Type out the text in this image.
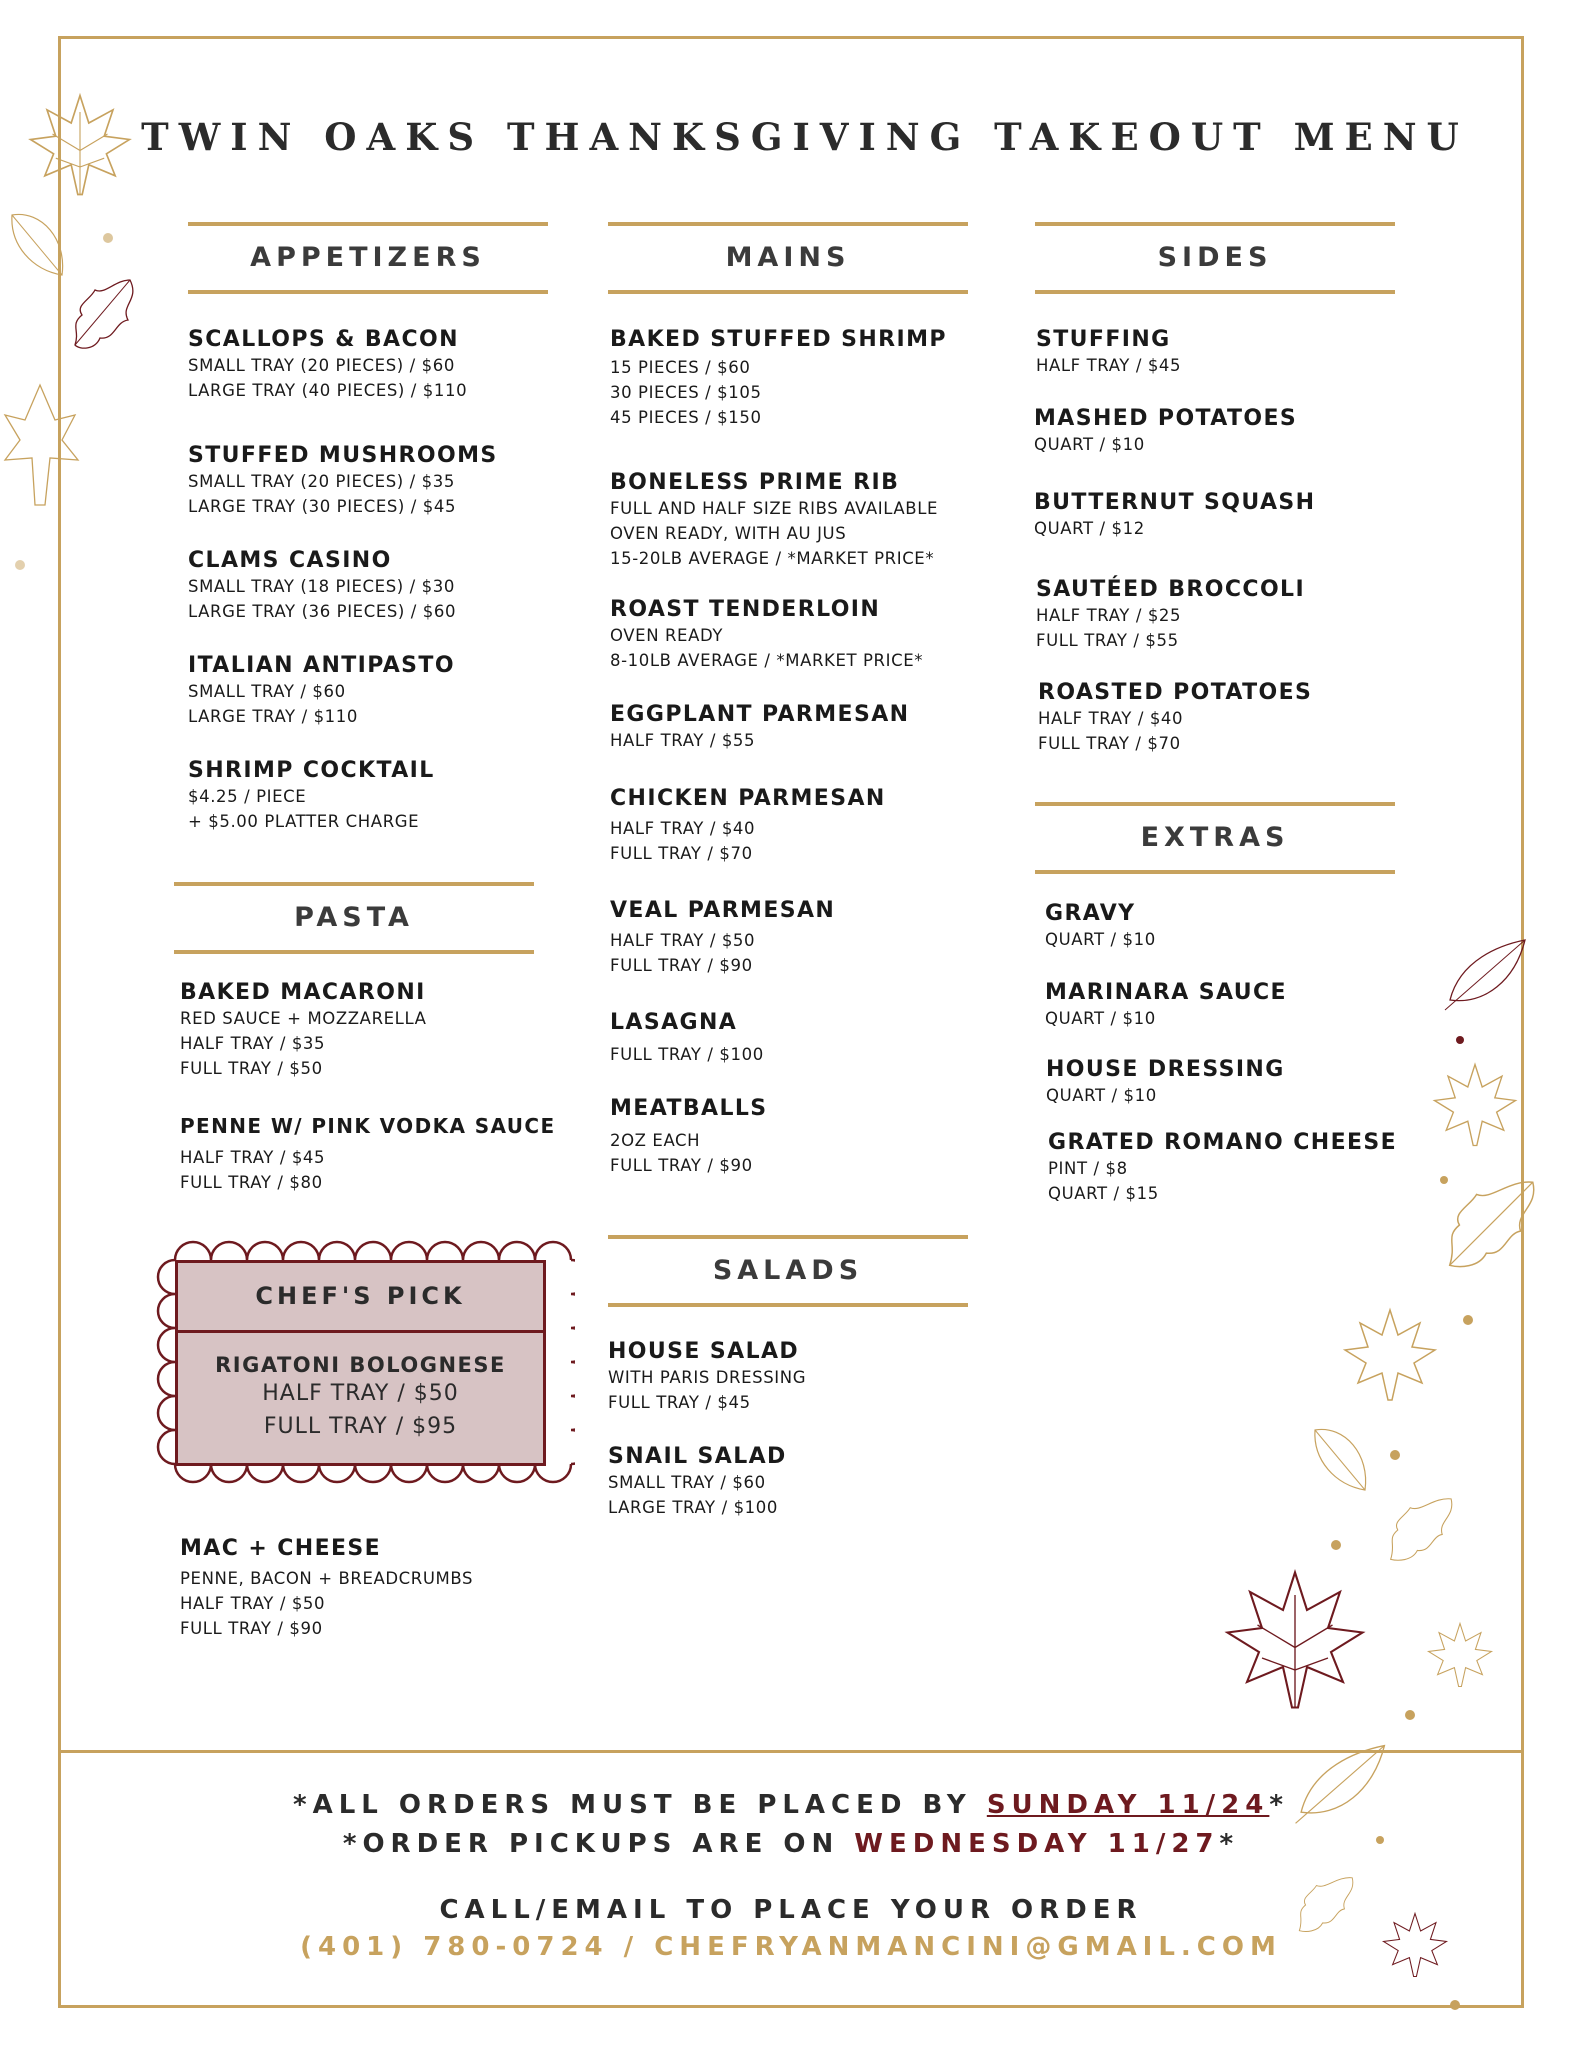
TWIN OAKS THANKSGIVING TAKEOUT MENU
APPETIZERS
SCALLOPS & BACON
SMALL TRAY (20 PIECES) / $60
LARGE TRAY (40 PIECES) / $110
STUFFED MUSHROOMS
SMALL TRAY (20 PIECES) / $35
LARGE TRAY (30 PIECES) / $45
CLAMS CASINO
SMALL TRAY (18 PIECES) / $30
LARGE TRAY (36 PIECES) / $60
ITALIAN ANTIPASTO
SMALL TRAY / $60
LARGE TRAY / $110
SHRIMP COCKTAIL
$4.25 / PIECE
+ $5.00 PLATTER CHARGE
PASTA
BAKED MACARONI
RED SAUCE + MOZZARELLA
HALF TRAY / $35
FULL TRAY / $50
PENNE W/ PINK VODKA SAUCE
HALF TRAY / $45
FULL TRAY / $80
CHEF'S PICK
RIGATONI BOLOGNESE
HALF TRAY / $50
FULL TRAY / $95
MAC + CHEESE
PENNE, BACON + BREADCRUMBS
HALF TRAY / $50
FULL TRAY / $90
MAINS
BAKED STUFFED SHRIMP
15 PIECES / $60
30 PIECES / $105
45 PIECES / $150
BONELESS PRIME RIB
FULL AND HALF SIZE RIBS AVAILABLE
OVEN READY, WITH AU JUS
15-20LB AVERAGE / *MARKET PRICE*
ROAST TENDERLOIN
OVEN READY
8-10LB AVERAGE / *MARKET PRICE*
EGGPLANT PARMESAN
HALF TRAY / $55
CHICKEN PARMESAN
HALF TRAY / $40
FULL TRAY / $70
VEAL PARMESAN
HALF TRAY / $50
FULL TRAY / $90
LASAGNA
FULL TRAY / $100
MEATBALLS
2OZ EACH
FULL TRAY / $90
SALADS
HOUSE SALAD
WITH PARIS DRESSING
FULL TRAY / $45
SNAIL SALAD
SMALL TRAY / $60
LARGE TRAY / $100
SIDES
STUFFING
HALF TRAY / $45
MASHED POTATOES
QUART / $10
BUTTERNUT SQUASH
QUART / $12
SAUTÉED BROCCOLI
HALF TRAY / $25
FULL TRAY / $55
ROASTED POTATOES
HALF TRAY / $40
FULL TRAY / $70
EXTRAS
GRAVY
QUART / $10
MARINARA SAUCE
QUART / $10
HOUSE DRESSING
QUART / $10
GRATED ROMANO CHEESE
PINT / $8
QUART / $15
*ALL ORDERS MUST BE PLACED BY SUNDAY 11/24*
*ORDER PICKUPS ARE ON WEDNESDAY 11/27*
CALL/EMAIL TO PLACE YOUR ORDER
(401) 780-0724 / CHEFRYANMANCINI@GMAIL.COM
